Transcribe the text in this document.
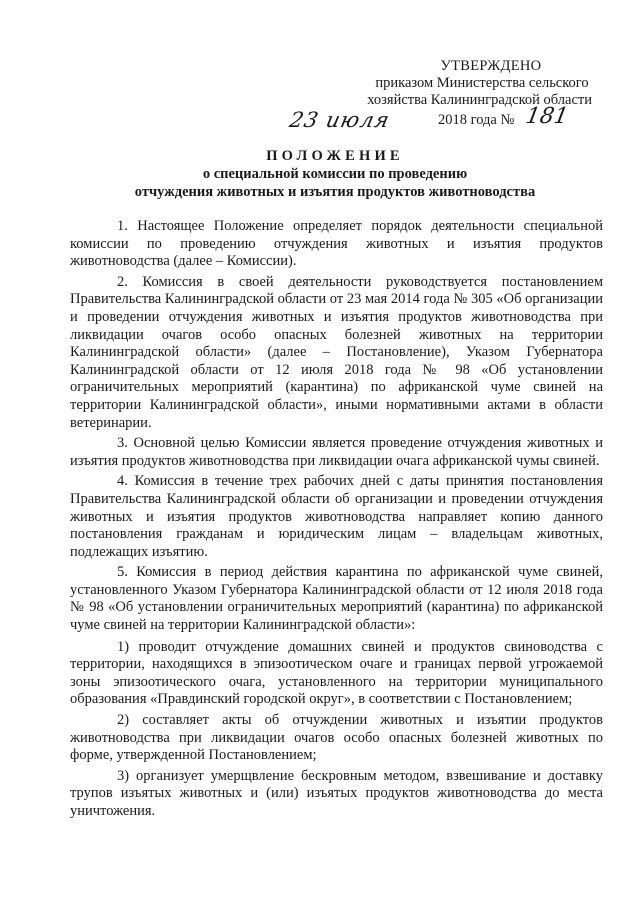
УТВЕРЖДЕНО
приказом Министерства сельского
хозяйства Калининградской области
23 июля	2018 года № 181
ПОЛОЖЕНИЕ
о специальной комиссии по проведению
отчуждения животных и изъятия продуктов животноводства

1. Настоящее Положение определяет порядок деятельности специальной комиссии по проведению отчуждения животных и изъятия продуктов животноводства (далее – Комиссии).

2. Комиссия в своей деятельности руководствуется постановлением Правительства Калининградской области от 23 мая 2014 года № 305 «Об организации и проведении отчуждения животных и изъятия продуктов животноводства при ликвидации очагов особо опасных болезней животных на территории Калининградской области» (далее – Постановление), Указом Губернатора Калининградской области от 12 июля 2018 года № 98 «Об установлении ограничительных мероприятий (карантина) по африканской чуме свиней на территории Калининградской области», иными нормативными актами в области ветеринарии.

3. Основной целью Комиссии является проведение отчуждения животных и изъятия продуктов животноводства при ликвидации очага африканской чумы свиней.

4. Комиссия в течение трех рабочих дней с даты принятия постановления Правительства Калининградской области об организации и проведении отчуждения животных и изъятия продуктов животноводства направляет копию данного постановления гражданам и юридическим лицам – владельцам животных, подлежащих изъятию.

5. Комиссия в период действия карантина по африканской чуме свиней, установленного Указом Губернатора Калининградской области от 12 июля 2018 года № 98 «Об установлении ограничительных мероприятий (карантина) по африканской чуме свиней на территории Калининградской области»:

1) проводит отчуждение домашних свиней и продуктов свиноводства с территории, находящихся в эпизоотическом очаге и границах первой угрожаемой зоны эпизоотического очага, установленного на территории муниципального образования «Правдинский городской округ», в соответствии с Постановлением;

2) составляет акты об отчуждении животных и изъятии продуктов животноводства при ликвидации очагов особо опасных болезней животных по форме, утвержденной Постановлением;

3) организует умерщвление бескровным методом, взвешивание и доставку трупов изъятых животных и (или) изъятых продуктов животноводства до места уничтожения.
